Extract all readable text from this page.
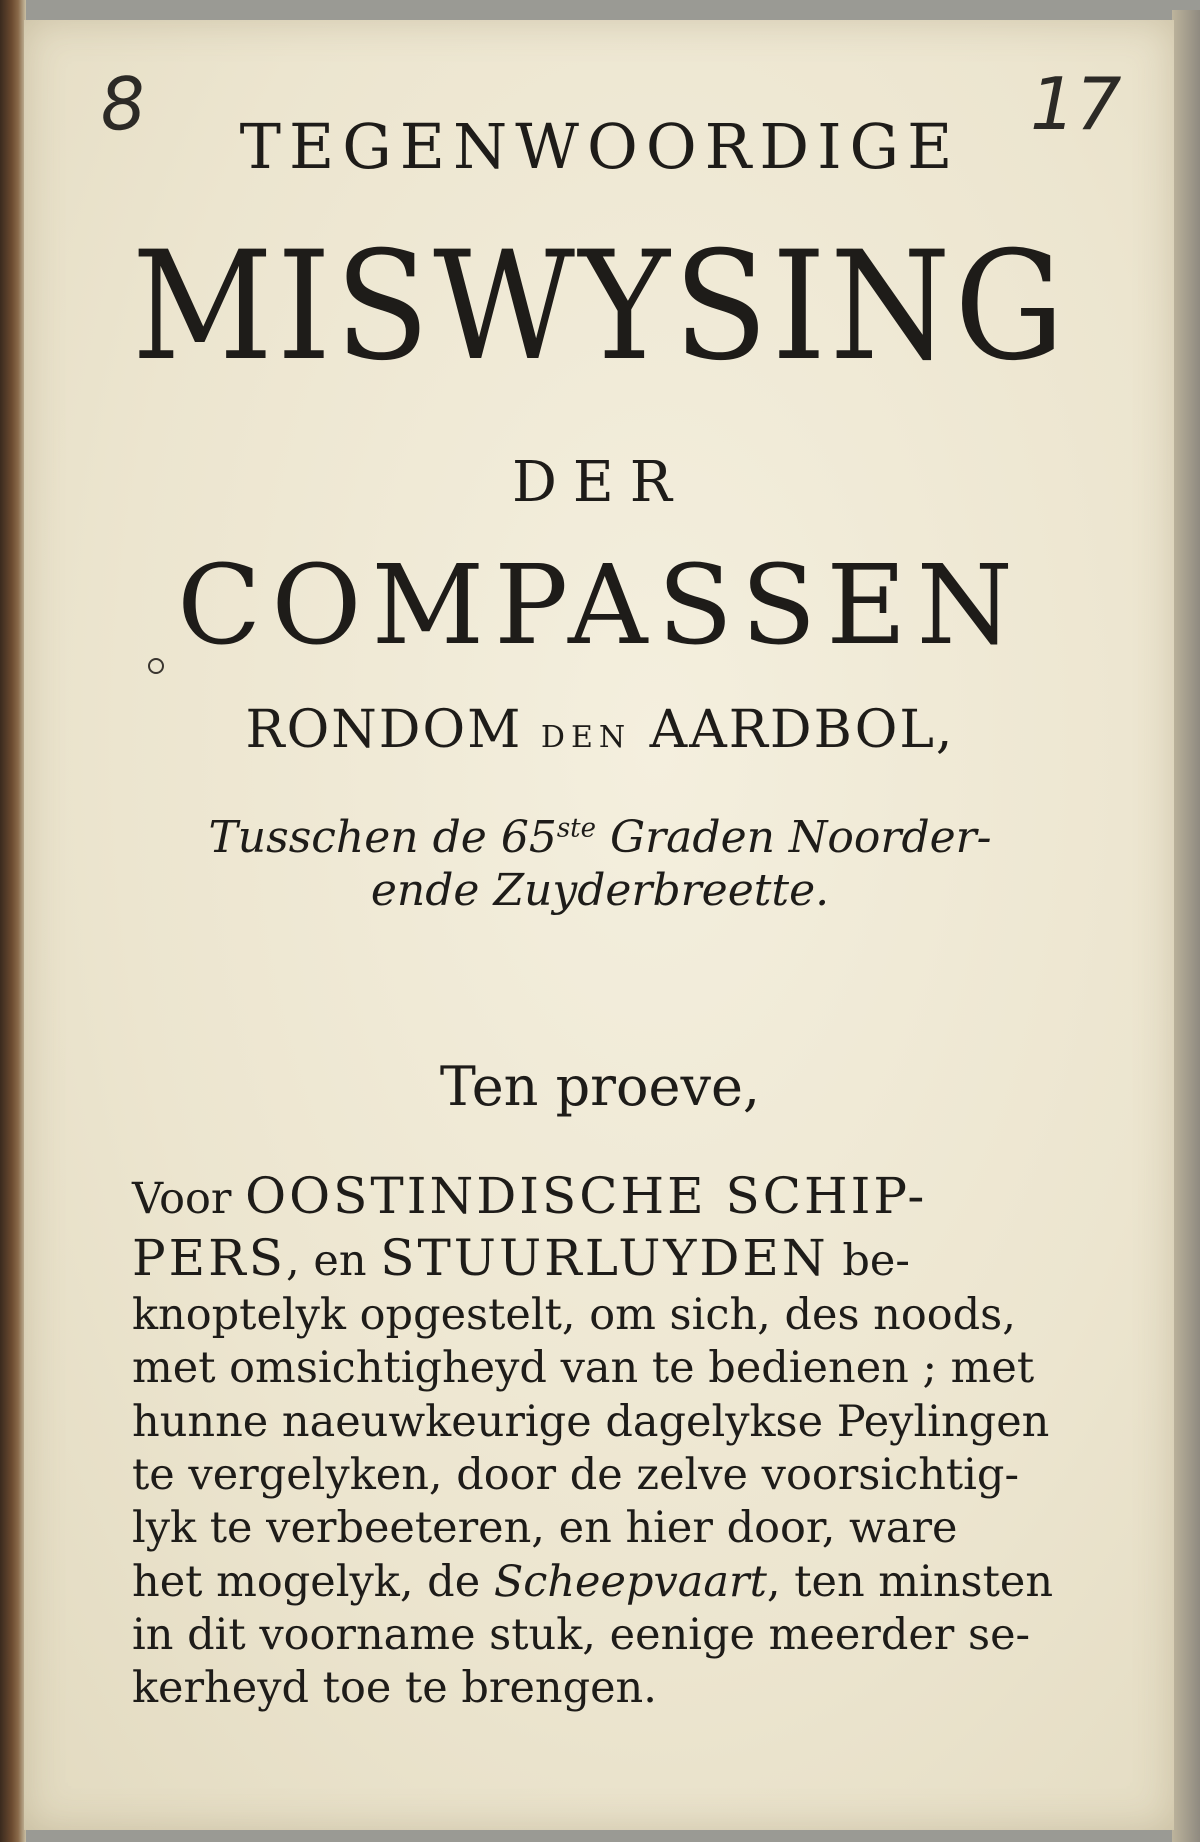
8	17
TEGENWOORDIGE
MISWYSING
DER
COMPASSEN
RONDOM DEN AARDBOL,
Tusschen de 65ste Graden Noorder-
ende Zuyderbreette.
Ten proeve,
Voor OOSTINDISCHE SCHIP-
PERS, en STUURLUYDEN be-
knoptelyk opgestelt, om sich, des noods,
met omsichtigheyd van te bedienen ; met
hunne naeuwkeurige dagelykse Peylingen
te vergelyken, door de zelve voorsichtig-
lyk te verbeeteren, en hier door, ware
het mogelyk, de Scheepvaart, ten minsten
in dit voorname stuk, eenige meerder se-
kerheyd toe te brengen.
